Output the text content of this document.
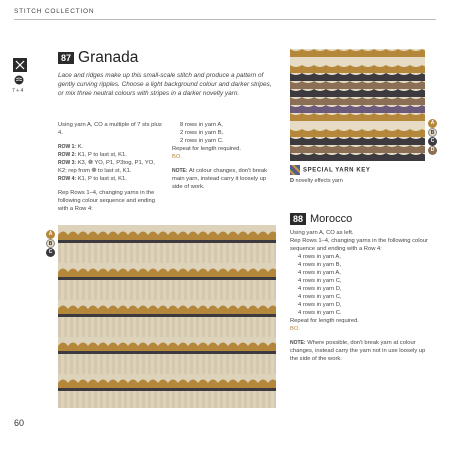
STITCH COLLECTION
7 + 4
87 Granada
Lace and ridges make up this small-scale stitch and produce a pattern of gently curving ripples. Choose a light background colour and darker stripes, or mix three neutral colours with stripes in a darker novelty yarn.

Using yarn A, CO a multiple of 7 sts plus 4.

ROW 1: K.
ROW 2: K1, P to last st, K1.
ROW 3: K3, ❁ YO, P1, P3tog, P1, YO, K2; rep from ❁ to last st, K1.
ROW 4: K1, P to last st, K1.

Rep Rows 1–4, changing yarns in the following colour sequence and ending with a Row 4:

8 rows in yarn A,
2 rows in yarn B,
2 rows in yarn C.
Repeat for length required.
BO.

NOTE: At colour changes, don't break main yarn, instead carry it loosely up side of work.

A
B
C
D
SPECIAL YARN KEY
D novelty effects yarn
88 Morocco

Using yarn A, CO as left.
Rep Rows 1–4, changing yarns in the following colour sequence and ending with a Row 4:
4 rows in yarn A,
4 rows in yarn B,
4 rows in yarn A,
4 rows in yarn C,
4 rows in yarn D,
4 rows in yarn C,
4 rows in yarn D,
4 rows in yarn C.
Repeat for length required.
BO.

NOTE: Where possible, don't break yarn at colour changes, instead carry the yarn not in use loosely up the side of the work.

A
B
C
60
